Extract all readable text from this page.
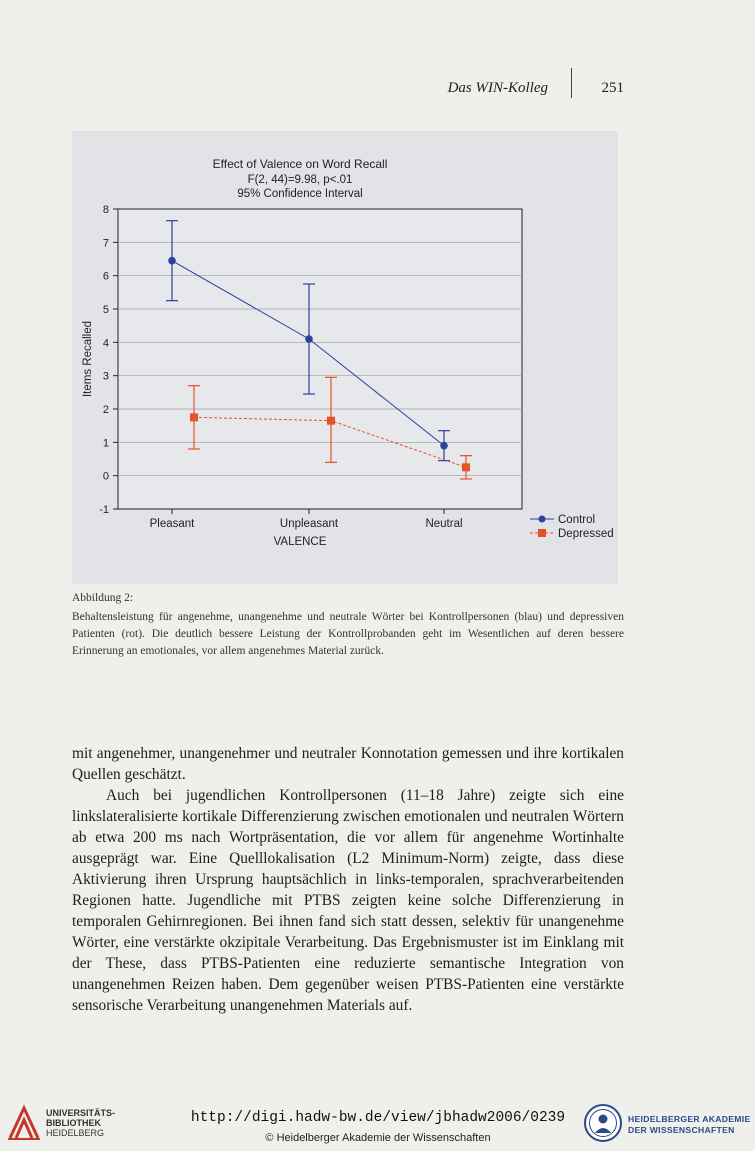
Das WIN-Kolleg	251
Effect of Valence on Word Recall
F(2, 44)=9.98, p<.01
95% Confidence Interval
-1
0
1
2
3
4
5
6
7
8
Pleasant	Unpleasant	Neutral
VALENCE
Items Recalled
Control
Depressed
Abbildung 2:
Behaltensleistung für angenehme, unangenehme und neutrale Wörter bei Kontrollpersonen (blau) und depressiven Patienten (rot). Die deutlich bessere Leistung der Kontrollprobanden geht im Wesentlichen auf deren bessere Erinnerung an emotionales, vor allem angenehmes Material zurück.

mit angenehmer, unangenehmer und neutraler Konnotation gemessen und ihre kortikalen Quellen geschätzt.

Auch bei jugendlichen Kontrollpersonen (11–18 Jahre) zeigte sich eine linkslateralisierte kortikale Differenzierung zwischen emotionalen und neutralen Wörtern ab etwa 200 ms nach Wortpräsentation, die vor allem für angenehme Wortinhalte ausgeprägt war. Eine Quelllokalisation (L2 Minimum-Norm) zeigte, dass diese Aktivierung ihren Ursprung hauptsächlich in links-temporalen, sprachverarbeitenden Regionen hatte. Jugendliche mit PTBS zeigten keine solche Differenzierung in temporalen Gehirnregionen. Bei ihnen fand sich statt dessen, selektiv für unangenehme Wörter, eine verstärkte okzipitale Verarbeitung. Das Ergebnismuster ist im Einklang mit der These, dass PTBS-Patienten eine reduzierte semantische Integration von unangenehmen Reizen haben. Dem gegenüber weisen PTBS-Patienten eine verstärkte sensorische Verarbeitung unangenehmen Materials auf.

UNIVERSITÄTS-
BIBLIOTHEK
HEIDELBERG
http://digi.hadw-bw.de/view/jbhadw2006/0239
© Heidelberger Akademie der Wissenschaften
HEIDELBERGER AKADEMIE
DER WISSENSCHAFTEN
